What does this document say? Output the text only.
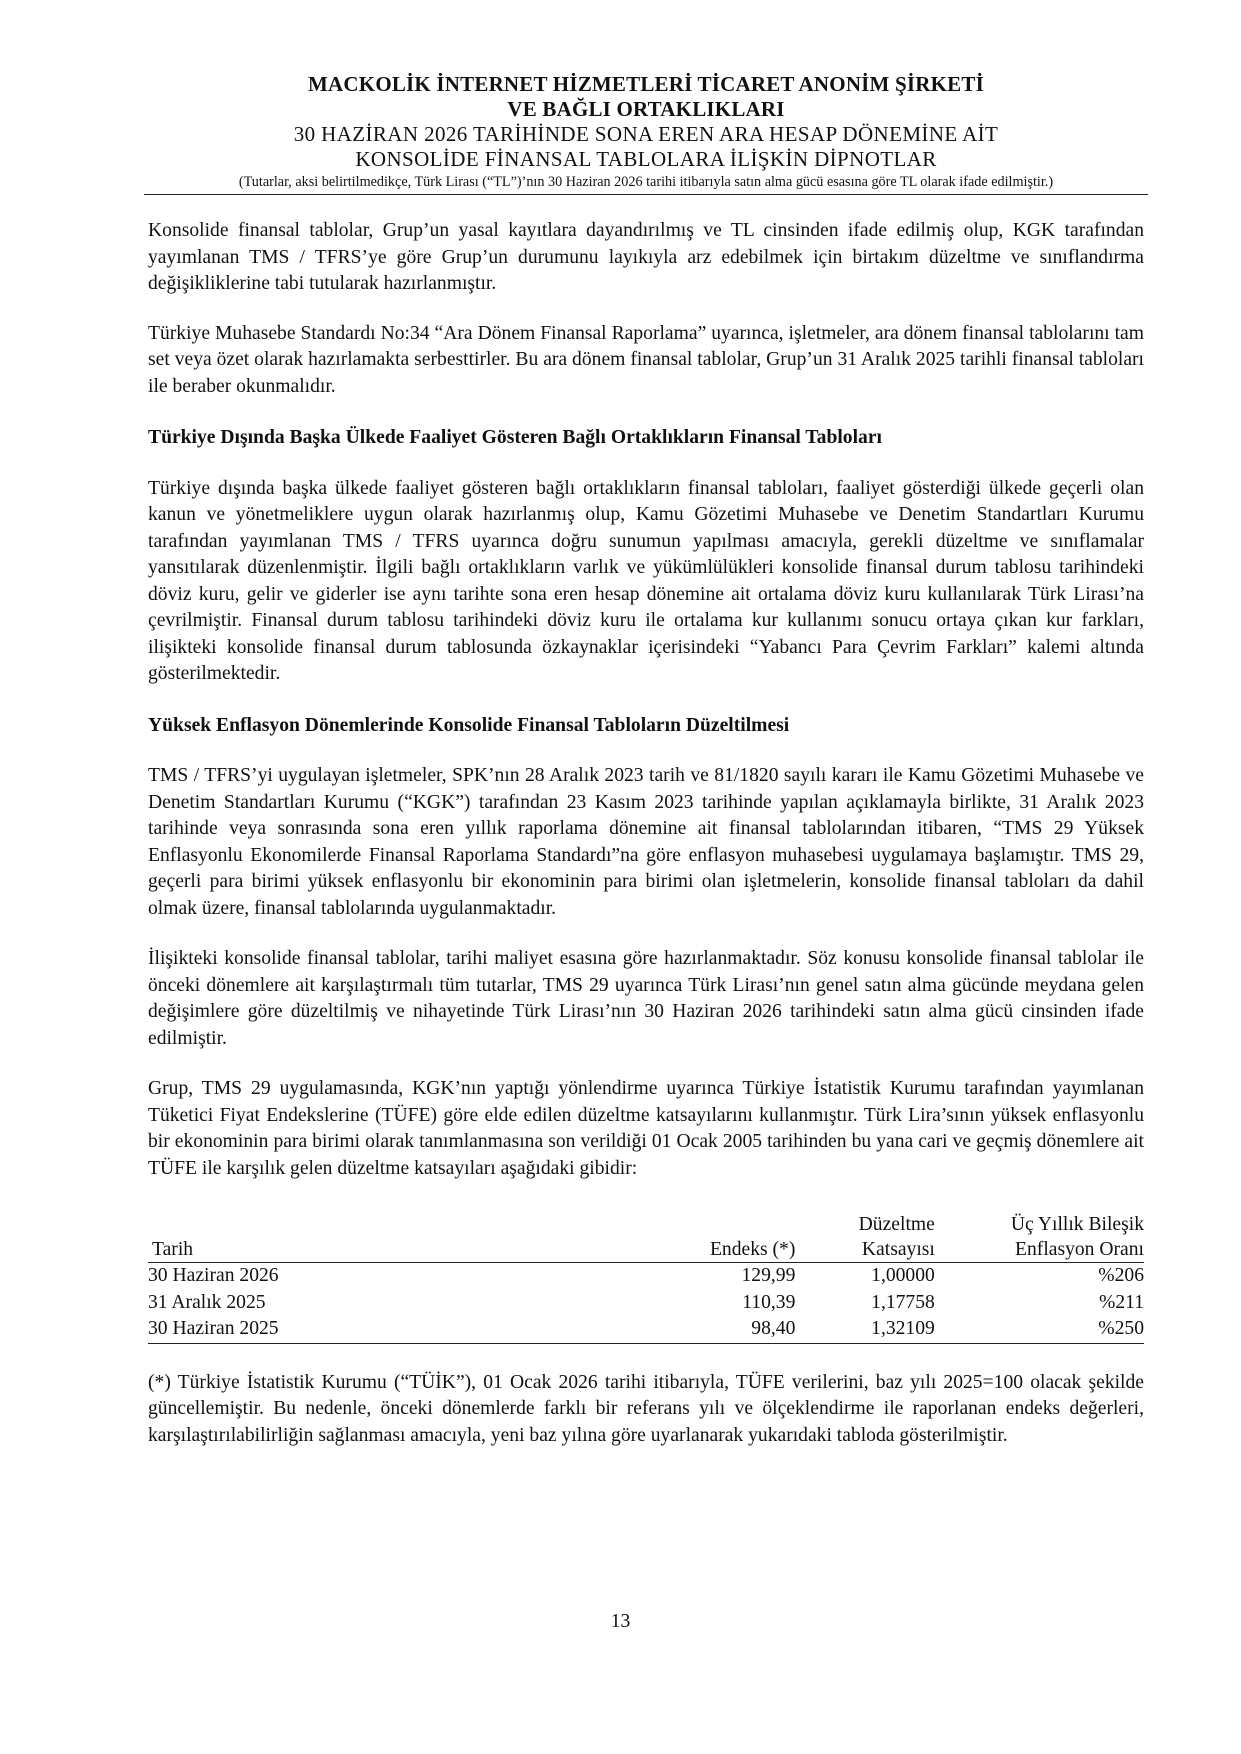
MACKOLİK İNTERNET HİZMETLERİ TİCARET ANONİM ŞİRKETİ
VE BAĞLI ORTAKLIKLARI
30 HAZİRAN 2026 TARİHİNDE SONA EREN ARA HESAP DÖNEMİNE AİT
KONSOLİDE FİNANSAL TABLOLARA İLİŞKİN DİPNOTLAR
(Tutarlar, aksi belirtilmedikçe, Türk Lirası (“TL”)’nın 30 Haziran 2026 tarihi itibarıyla satın alma gücü esasına göre TL olarak ifade edilmiştir.)

Konsolide finansal tablolar, Grup’un yasal kayıtlara dayandırılmış ve TL cinsinden ifade edilmiş olup, KGK tarafından yayımlanan TMS / TFRS’ye göre Grup’un durumunu layıkıyla arz edebilmek için birtakım düzeltme ve sınıflandırma değişikliklerine tabi tutularak hazırlanmıştır.

Türkiye Muhasebe Standardı No:34 “Ara Dönem Finansal Raporlama” uyarınca, işletmeler, ara dönem finansal tablolarını tam set veya özet olarak hazırlamakta serbesttirler. Bu ara dönem finansal tablolar, Grup’un 31 Aralık 2025 tarihli finansal tabloları ile beraber okunmalıdır.

Türkiye Dışında Başka Ülkede Faaliyet Gösteren Bağlı Ortaklıkların Finansal Tabloları

Türkiye dışında başka ülkede faaliyet gösteren bağlı ortaklıkların finansal tabloları, faaliyet gösterdiği ülkede geçerli olan kanun ve yönetmeliklere uygun olarak hazırlanmış olup, Kamu Gözetimi Muhasebe ve Denetim Standartları Kurumu tarafından yayımlanan TMS / TFRS uyarınca doğru sunumun yapılması amacıyla, gerekli düzeltme ve sınıflamalar yansıtılarak düzenlenmiştir. İlgili bağlı ortaklıkların varlık ve yükümlülükleri konsolide finansal durum tablosu tarihindeki döviz kuru, gelir ve giderler ise aynı tarihte sona eren hesap dönemine ait ortalama döviz kuru kullanılarak Türk Lirası’na çevrilmiştir. Finansal durum tablosu tarihindeki döviz kuru ile ortalama kur kullanımı sonucu ortaya çıkan kur farkları, ilişikteki konsolide finansal durum tablosunda özkaynaklar içerisindeki “Yabancı Para Çevrim Farkları” kalemi altında gösterilmektedir.

Yüksek Enflasyon Dönemlerinde Konsolide Finansal Tabloların Düzeltilmesi

TMS / TFRS’yi uygulayan işletmeler, SPK’nın 28 Aralık 2023 tarih ve 81/1820 sayılı kararı ile Kamu Gözetimi Muhasebe ve Denetim Standartları Kurumu (“KGK”) tarafından 23 Kasım 2023 tarihinde yapılan açıklamayla birlikte, 31 Aralık 2023 tarihinde veya sonrasında sona eren yıllık raporlama dönemine ait finansal tablolarından itibaren, “TMS 29 Yüksek Enflasyonlu Ekonomilerde Finansal Raporlama Standardı”na göre enflasyon muhasebesi uygulamaya başlamıştır. TMS 29, geçerli para birimi yüksek enflasyonlu bir ekonominin para birimi olan işletmelerin, konsolide finansal tabloları da dahil olmak üzere, finansal tablolarında uygulanmaktadır.

İlişikteki konsolide finansal tablolar, tarihi maliyet esasına göre hazırlanmaktadır. Söz konusu konsolide finansal tablolar ile önceki dönemlere ait karşılaştırmalı tüm tutarlar, TMS 29 uyarınca Türk Lirası’nın genel satın alma gücünde meydana gelen değişimlere göre düzeltilmiş ve nihayetinde Türk Lirası’nın 30 Haziran 2026 tarihindeki satın alma gücü cinsinden ifade edilmiştir.

Grup, TMS 29 uygulamasında, KGK’nın yaptığı yönlendirme uyarınca Türkiye İstatistik Kurumu tarafından yayımlanan Tüketici Fiyat Endekslerine (TÜFE) göre elde edilen düzeltme katsayılarını kullanmıştır. Türk Lira’sının yüksek enflasyonlu bir ekonominin para birimi olarak tanımlanmasına son verildiği 01 Ocak 2005 tarihinden bu yana cari ve geçmiş dönemlere ait TÜFE ile karşılık gelen düzeltme katsayıları aşağıdaki gibidir:

		Düzeltme	Üç Yıllık Bileşik
Tarih	Endeks (*)	Katsayısı	Enflasyon Oranı
30 Haziran 2026	129,99	1,00000	%206
31 Aralık 2025	110,39	1,17758	%211
30 Haziran 2025	98,40	1,32109	%250

(*) Türkiye İstatistik Kurumu (“TÜİK”), 01 Ocak 2026 tarihi itibarıyla, TÜFE verilerini, baz yılı 2025=100 olacak şekilde güncellemiştir. Bu nedenle, önceki dönemlerde farklı bir referans yılı ve ölçeklendirme ile raporlanan endeks değerleri, karşılaştırılabilirliğin sağlanması amacıyla, yeni baz yılına göre uyarlanarak yukarıdaki tabloda gösterilmiştir.

13
